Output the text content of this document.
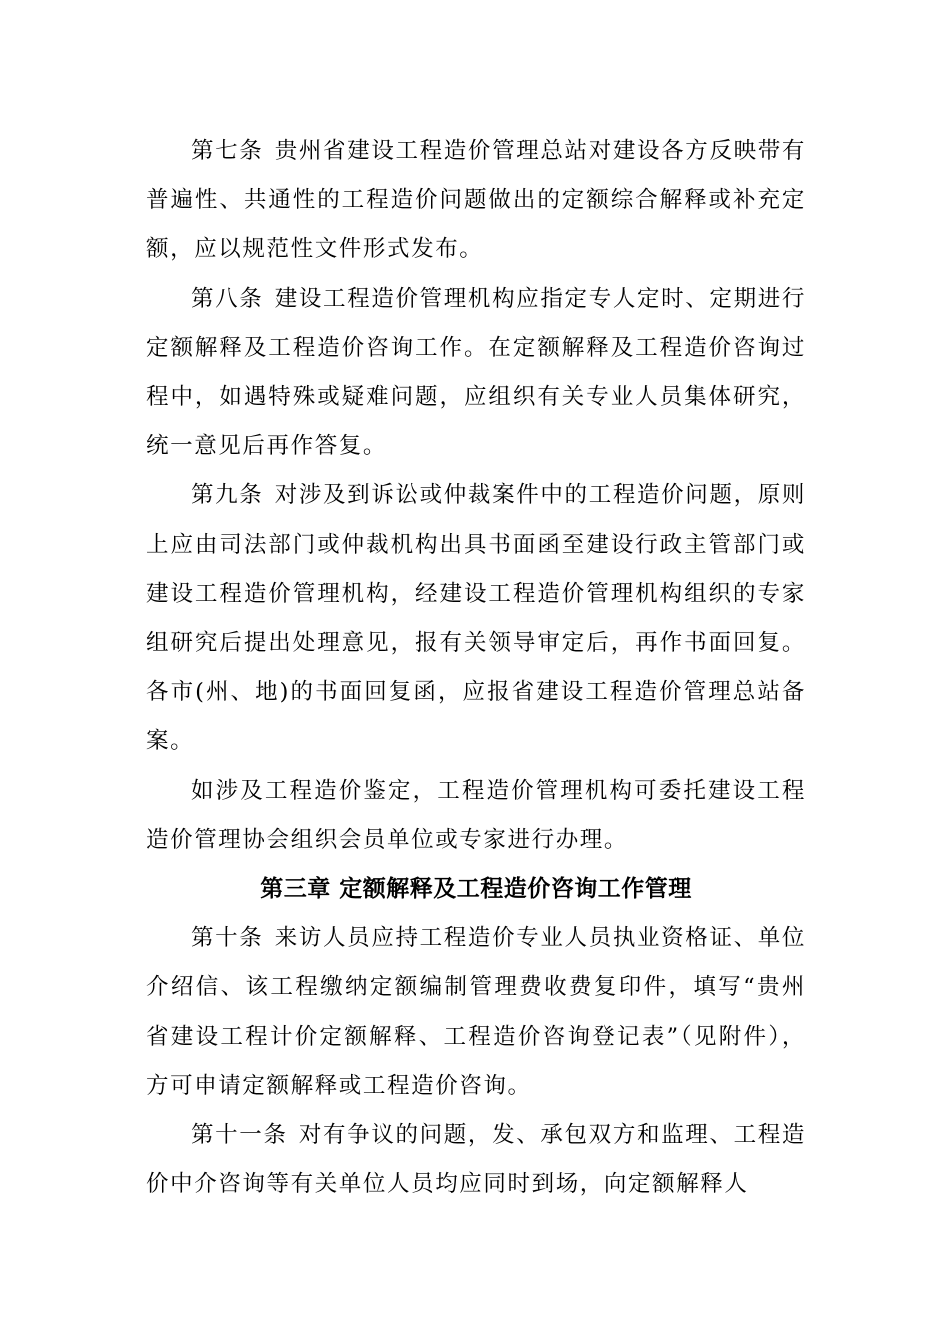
第七条 贵州省建设工程造价管理总站对建设各方反映带有普遍性、共通性的工程造价问题做出的定额综合解释或补充定额，应以规范性文件形式发布。

第八条 建设工程造价管理机构应指定专人定时、定期进行定额解释及工程造价咨询工作。在定额解释及工程造价咨询过程中，如遇特殊或疑难问题，应组织有关专业人员集体研究，统一意见后再作答复。

第九条 对涉及到诉讼或仲裁案件中的工程造价问题，原则上应由司法部门或仲裁机构出具书面函至建设行政主管部门或建设工程造价管理机构，经建设工程造价管理机构组织的专家组研究后提出处理意见，报有关领导审定后，再作书面回复。各市(州、地)的书面回复函，应报省建设工程造价管理总站备案。

如涉及工程造价鉴定，工程造价管理机构可委托建设工程造价管理协会组织会员单位或专家进行办理。

第三章 定额解释及工程造价咨询工作管理

第十条 来访人员应持工程造价专业人员执业资格证、单位介绍信、该工程缴纳定额编制管理费收费复印件，填写“贵州省建设工程计价定额解释、工程造价咨询登记表”（见附件），方可申请定额解释或工程造价咨询。

第十一条 对有争议的问题，发、承包双方和监理、工程造价中介咨询等有关单位人员均应同时到场，向定额解释人
